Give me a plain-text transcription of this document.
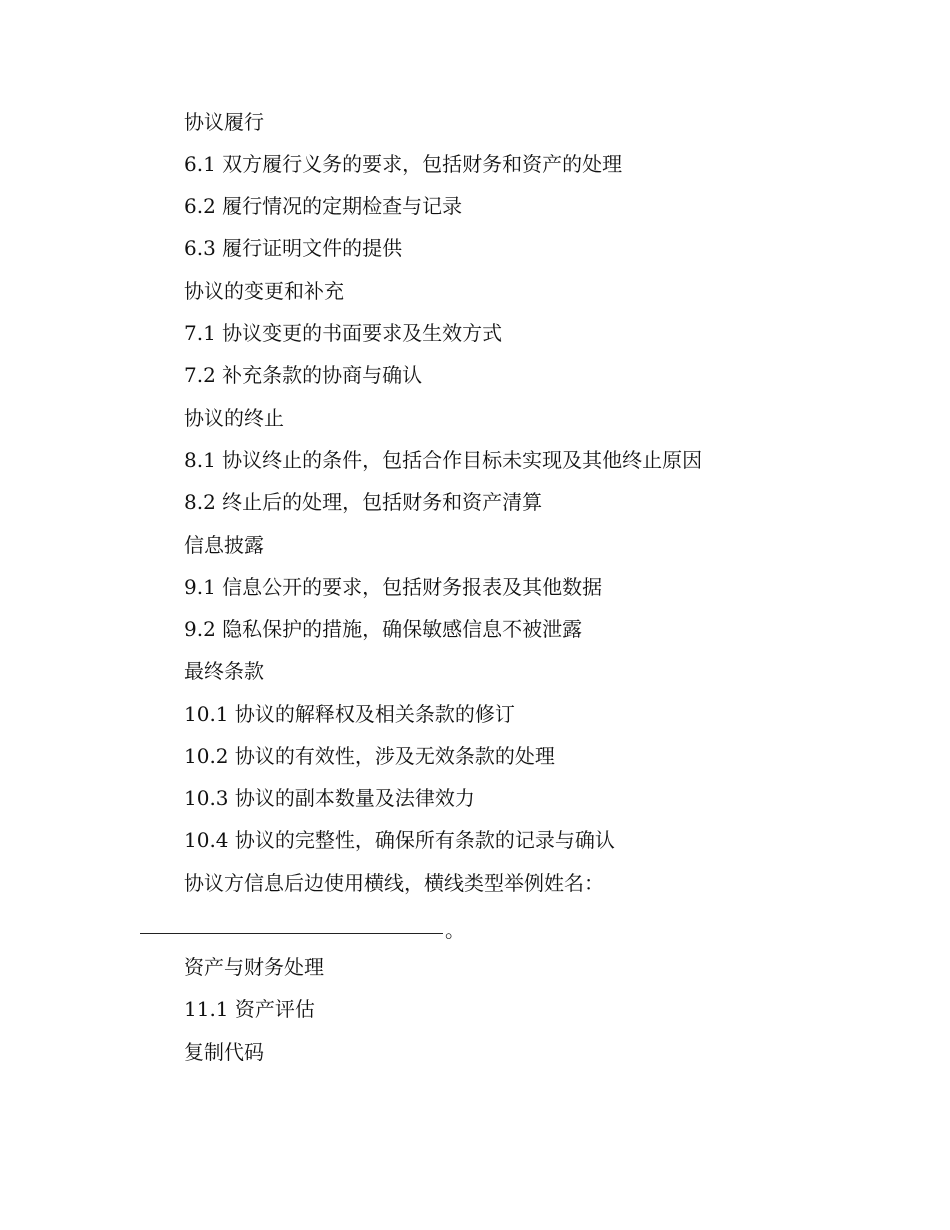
协议履行
6.1 双方履行义务的要求，包括财务和资产的处理
6.2 履行情况的定期检查与记录
6.3 履行证明文件的提供
协议的变更和补充
7.1 协议变更的书面要求及生效方式
7.2 补充条款的协商与确认
协议的终止
8.1 协议终止的条件，包括合作目标未实现及其他终止原因
8.2 终止后的处理，包括财务和资产清算
信息披露
9.1 信息公开的要求，包括财务报表及其他数据
9.2 隐私保护的措施，确保敏感信息不被泄露
最终条款
10.1 协议的解释权及相关条款的修订
10.2 协议的有效性，涉及无效条款的处理
10.3 协议的副本数量及法律效力
10.4 协议的完整性，确保所有条款的记录与确认
协议方信息后边使用横线，横线类型举例姓名：
。
资产与财务处理
11.1 资产评估
复制代码
